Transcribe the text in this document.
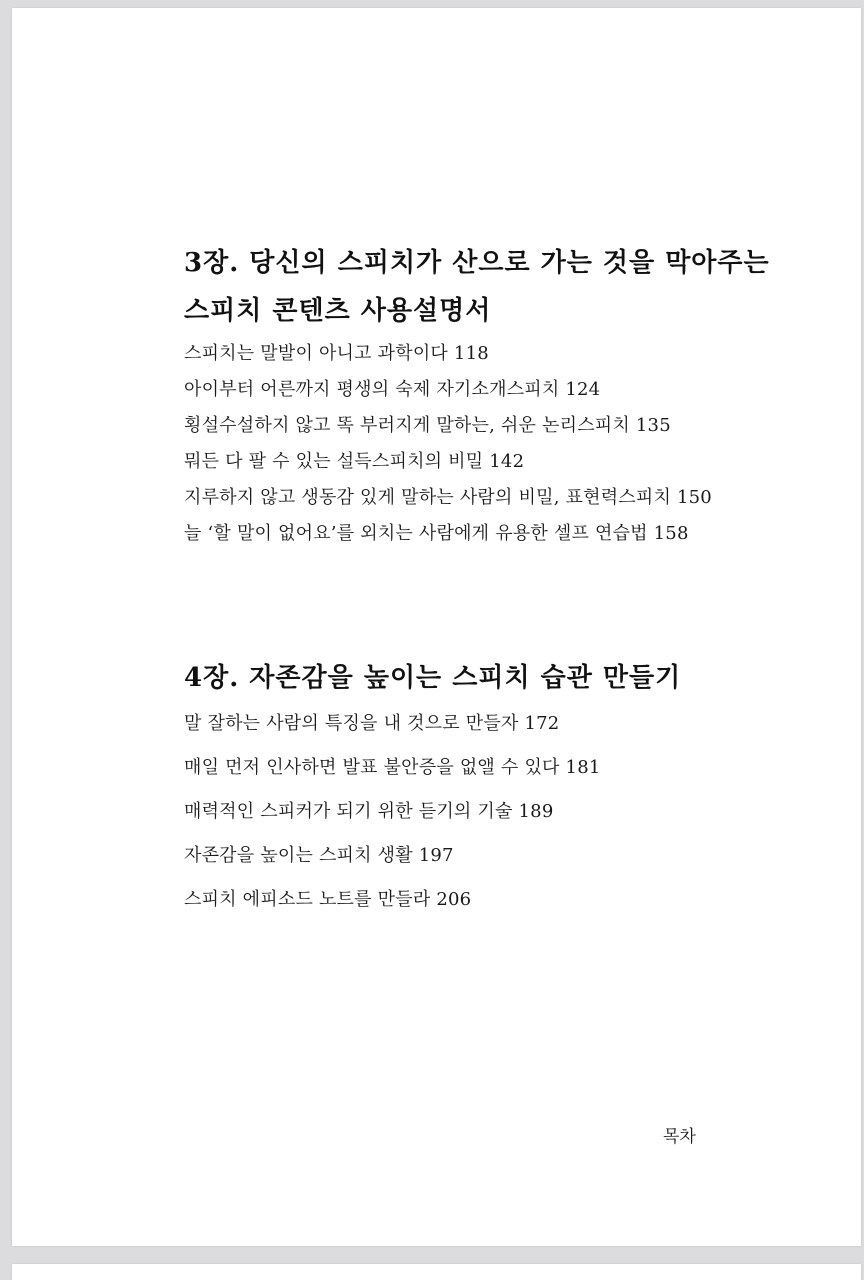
3장. 당신의 스피치가 산으로 가는 것을 막아주는
스피치 콘텐츠 사용설명서
스피치는 말발이 아니고 과학이다 118
아이부터 어른까지 평생의 숙제 자기소개스피치 124
횡설수설하지 않고 똑 부러지게 말하는, 쉬운 논리스피치 135
뭐든 다 팔 수 있는 설득스피치의 비밀 142
지루하지 않고 생동감 있게 말하는 사람의 비밀, 표현력스피치 150
늘 ‘할 말이 없어요’를 외치는 사람에게 유용한 셀프 연습법 158
4장. 자존감을 높이는 스피치 습관 만들기
말 잘하는 사람의 특징을 내 것으로 만들자 172
매일 먼저 인사하면 발표 불안증을 없앨 수 있다 181
매력적인 스피커가 되기 위한 듣기의 기술 189
자존감을 높이는 스피치 생활 197
스피치 에피소드 노트를 만들라 206
목차
